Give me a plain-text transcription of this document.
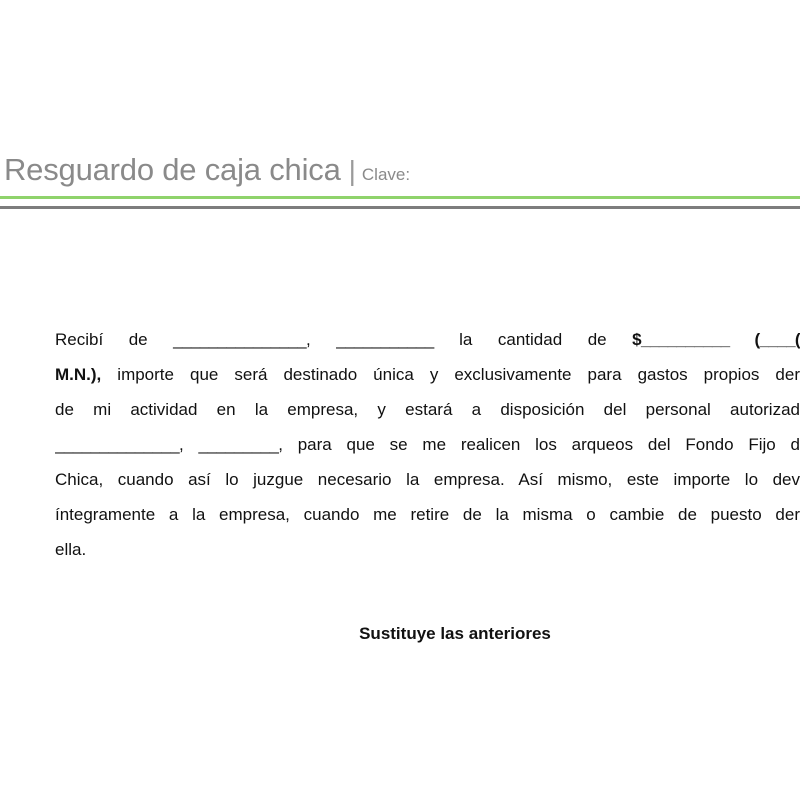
Resguardo de caja chica | Clave:
Recibí de _______________, ___________ la cantidad de $__________ (____(
M.N.), importe que será destinado única y exclusivamente para gastos propios der
de mi actividad en la empresa, y estará a disposición del personal autorizad
______________, _________, para que se me realicen los arqueos del Fondo Fijo d
Chica, cuando así lo juzgue necesario la empresa. Así mismo, este importe lo dev
íntegramente a la empresa, cuando me retire de la misma o cambie de puesto der
ella.
Sustituye las anteriores
